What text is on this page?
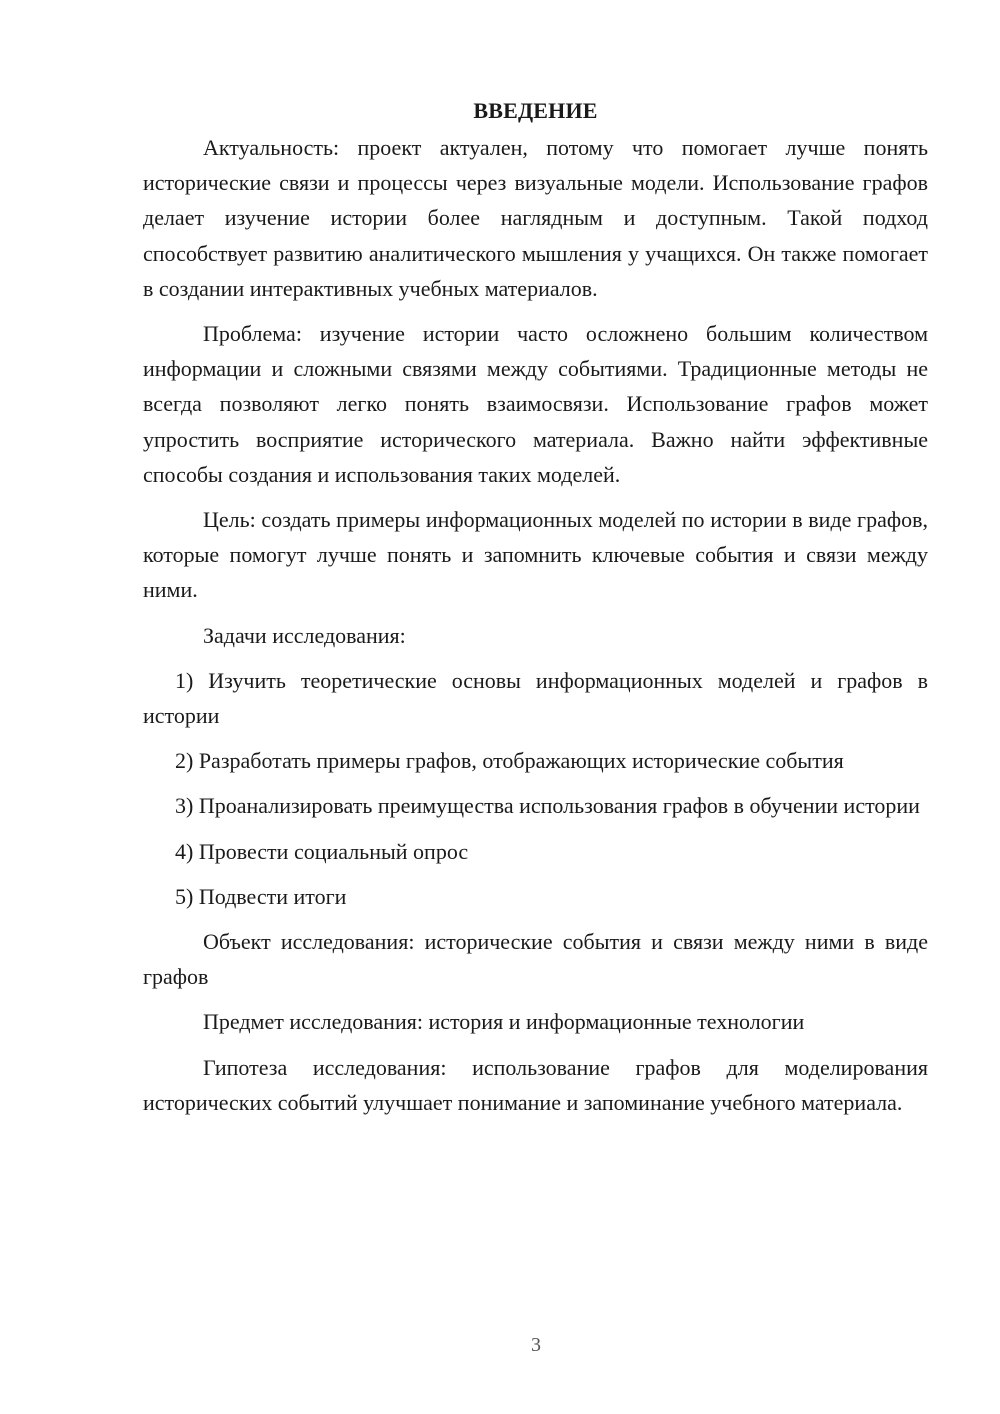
ВВЕДЕНИЕ

Актуальность: проект актуален, потому что помогает лучше понять исторические связи и процессы через визуальные модели. Использование графов делает изучение истории более наглядным и доступным. Такой подход способствует развитию аналитического мышления у учащихся. Он также помогает в создании интерактивных учебных материалов.

Проблема: изучение истории часто осложнено большим количеством информации и сложными связями между событиями. Традиционные методы не всегда позволяют легко понять взаимосвязи. Использование графов может упростить восприятие исторического материала. Важно найти эффективные способы создания и использования таких моделей.

Цель: создать примеры информационных моделей по истории в виде графов, которые помогут лучше понять и запомнить ключевые события и связи между ними.

Задачи исследования:

1) Изучить теоретические основы информационных моделей и графов в истории

2) Разработать примеры графов, отображающих исторические события

3) Проанализировать преимущества использования графов в обучении истории

4) Провести социальный опрос

5) Подвести итоги

Объект исследования: исторические события и связи между ними в виде графов

Предмет исследования: история и информационные технологии

Гипотеза исследования: использование графов для моделирования исторических событий улучшает понимание и запоминание учебного материала.

3
